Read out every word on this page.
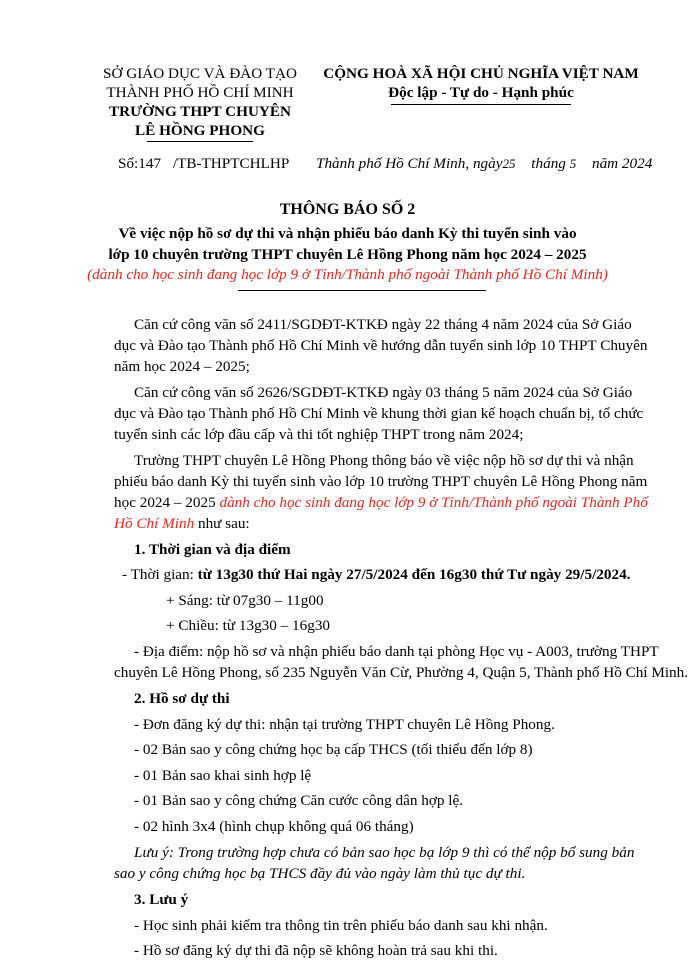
SỞ GIÁO DỤC VÀ ĐÀO TẠO
THÀNH PHỐ HỒ CHÍ MINH
TRƯỜNG THPT CHUYÊN
LÊ HỒNG PHONG
CỘNG HOÀ XÃ HỘI CHỦ NGHĨA VIỆT NAM
Độc lập - Tự do - Hạnh phúc
Số:147 /TB-THPTCHLHP Thành phố Hồ Chí Minh, ngày25 tháng 5 năm 2024
THÔNG BÁO SỐ 2
Về việc nộp hồ sơ dự thi và nhận phiếu báo danh Kỳ thi tuyển sinh vào
lớp 10 chuyên trường THPT chuyên Lê Hồng Phong năm học 2024 – 2025
(dành cho học sinh đang học lớp 9 ở Tỉnh/Thành phố ngoài Thành phố Hồ Chí Minh)
Căn cứ công văn số 2411/SGDĐT-KTKĐ ngày 22 tháng 4 năm 2024 của Sở Giáo
dục và Đào tạo Thành phố Hồ Chí Minh về hướng dẫn tuyển sinh lớp 10 THPT Chuyên
năm học 2024 – 2025;
Căn cứ công văn số 2626/SGDĐT-KTKĐ ngày 03 tháng 5 năm 2024 của Sở Giáo
dục và Đào tạo Thành phố Hồ Chí Minh về khung thời gian kế hoạch chuẩn bị, tổ chức
tuyển sinh các lớp đầu cấp và thi tốt nghiệp THPT trong năm 2024;
Trường THPT chuyên Lê Hồng Phong thông báo về việc nộp hồ sơ dự thi và nhận
phiếu báo danh Kỳ thi tuyển sinh vào lớp 10 trường THPT chuyên Lê Hồng Phong năm
học 2024 – 2025 dành cho học sinh đang học lớp 9 ở Tỉnh/Thành phố ngoài Thành Phố
Hồ Chí Minh như sau:
1. Thời gian và địa điểm
- Thời gian: từ 13g30 thứ Hai ngày 27/5/2024 đến 16g30 thứ Tư ngày 29/5/2024.
+ Sáng: từ 07g30 – 11g00
+ Chiều: từ 13g30 – 16g30
- Địa điểm: nộp hồ sơ và nhận phiếu báo danh tại phòng Học vụ - A003, trường THPT
chuyên Lê Hồng Phong, số 235 Nguyễn Văn Cừ, Phường 4, Quận 5, Thành phố Hồ Chí Minh.
2. Hồ sơ dự thi
- Đơn đăng ký dự thi: nhận tại trường THPT chuyên Lê Hồng Phong.
- 02 Bản sao y công chứng học bạ cấp THCS (tối thiểu đến lớp 8)
- 01 Bản sao khai sinh hợp lệ
- 01 Bản sao y công chứng Căn cước công dân hợp lệ.
- 02 hình 3x4 (hình chụp không quá 06 tháng)
Lưu ý: Trong trường hợp chưa có bản sao học bạ lớp 9 thì có thể nộp bổ sung bản
sao y công chứng học bạ THCS đầy đủ vào ngày làm thủ tục dự thi.
3. Lưu ý
- Học sinh phải kiểm tra thông tin trên phiếu báo danh sau khi nhận.
- Hồ sơ đăng ký dự thi đã nộp sẽ không hoàn trả sau khi thi.
